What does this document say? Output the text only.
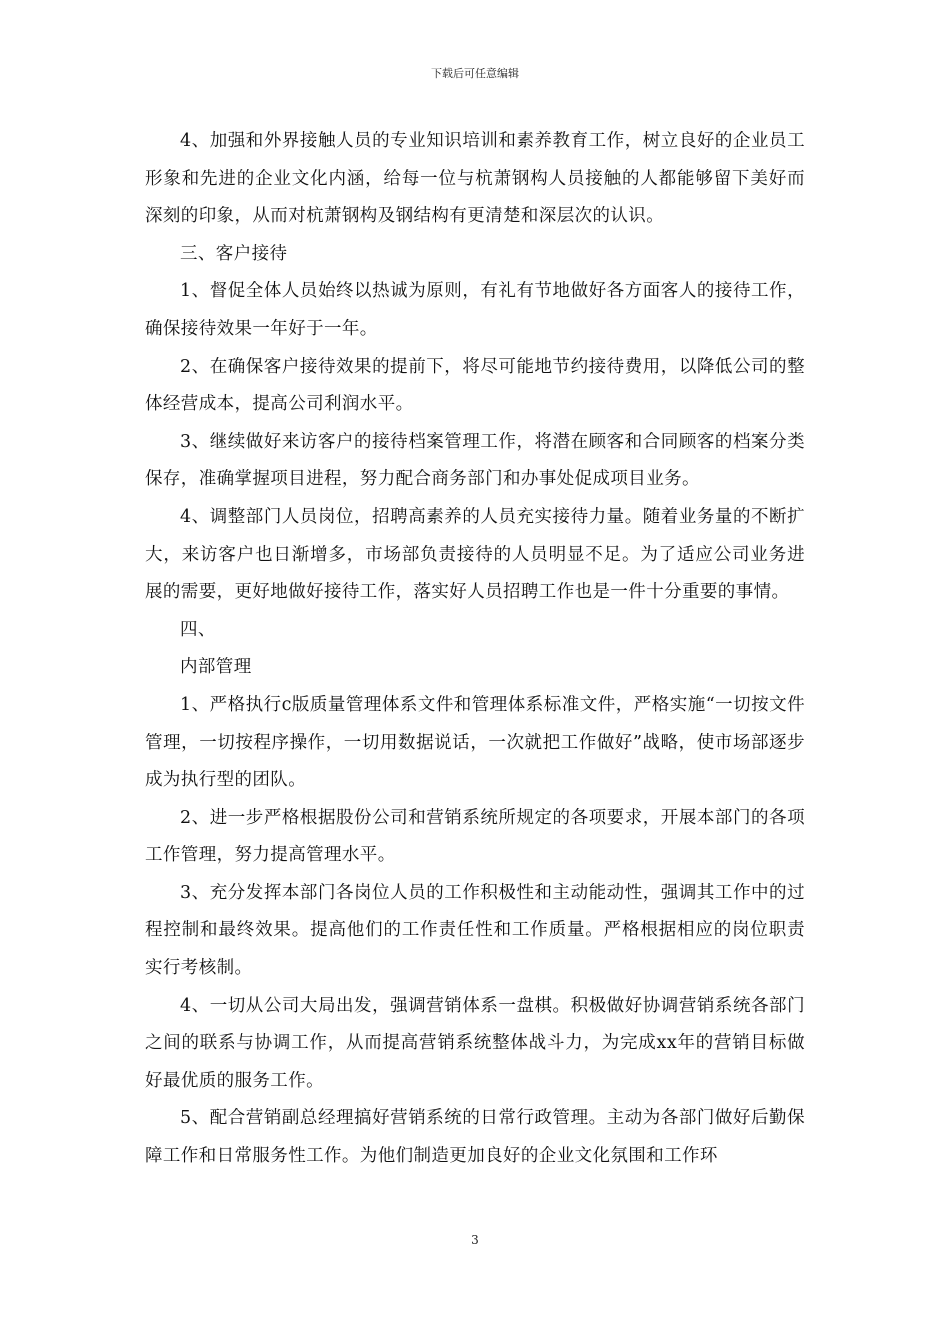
下载后可任意编辑

4、加强和外界接触人员的专业知识培训和素养教育工作，树立良好的企业员工形象和先进的企业文化内涵，给每一位与杭萧钢构人员接触的人都能够留下美好而深刻的印象，从而对杭萧钢构及钢结构有更清楚和深层次的认识。

三、客户接待

1、督促全体人员始终以热诚为原则，有礼有节地做好各方面客人的接待工作，确保接待效果一年好于一年。

2、在确保客户接待效果的提前下，将尽可能地节约接待费用，以降低公司的整体经营成本，提高公司利润水平。

3、继续做好来访客户的接待档案管理工作，将潜在顾客和合同顾客的档案分类保存，准确掌握项目进程，努力配合商务部门和办事处促成项目业务。

4、调整部门人员岗位，招聘高素养的人员充实接待力量。随着业务量的不断扩大，来访客户也日渐增多，市场部负责接待的人员明显不足。为了适应公司业务进展的需要，更好地做好接待工作，落实好人员招聘工作也是一件十分重要的事情。

四、

内部管理

1、严格执行c版质量管理体系文件和管理体系标准文件，严格实施“一切按文件管理，一切按程序操作，一切用数据说话，一次就把工作做好”战略，使市场部逐步成为执行型的团队。

2、进一步严格根据股份公司和营销系统所规定的各项要求，开展本部门的各项工作管理，努力提高管理水平。

3、充分发挥本部门各岗位人员的工作积极性和主动能动性，强调其工作中的过程控制和最终效果。提高他们的工作责任性和工作质量。严格根据相应的岗位职责实行考核制。

4、一切从公司大局出发，强调营销体系一盘棋。积极做好协调营销系统各部门之间的联系与协调工作，从而提高营销系统整体战斗力，为完成xx年的营销目标做好最优质的服务工作。

5、配合营销副总经理搞好营销系统的日常行政管理。主动为各部门做好后勤保障工作和日常服务性工作。为他们制造更加良好的企业文化氛围和工作环

3
